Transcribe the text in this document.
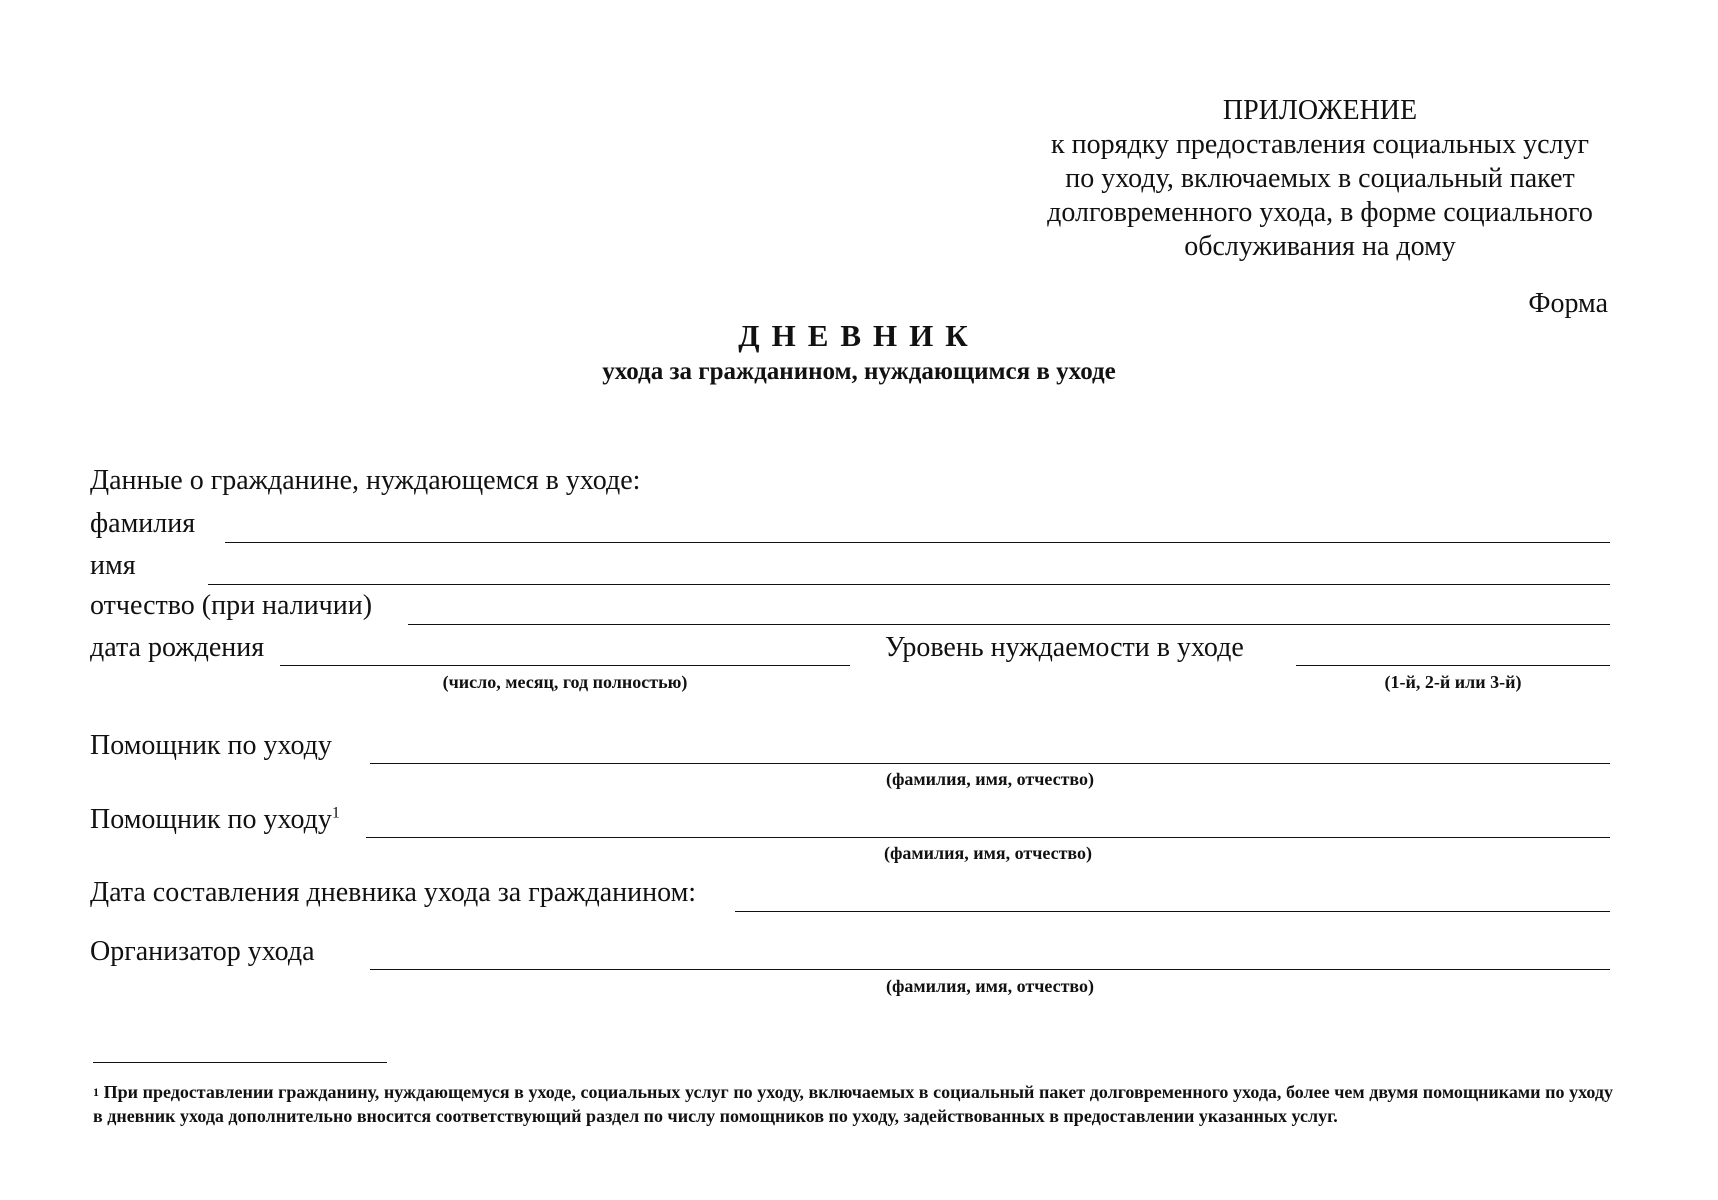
ПРИЛОЖЕНИЕ
к порядку предоставления социальных услуг
по уходу, включаемых в социальный пакет
долговременного ухода, в форме социального
обслуживания на дому
Форма
ДНЕВНИК
ухода за гражданином, нуждающимся в уходе
Данные о гражданине, нуждающемся в уходе:
фамилия
имя
отчество (при наличии)
дата рождения
(число, месяц, год полностью)
Уровень нуждаемости в уходе
(1-й, 2-й или 3-й)
Помощник по уходу
(фамилия, имя, отчество)
Помощник по уходу$^1$
(фамилия, имя, отчество)
Дата составления дневника ухода за гражданином:
Организатор ухода
(фамилия, имя, отчество)
$^1$ При предоставлении гражданину, нуждающемуся в уходе, социальных услуг по уходу, включаемых в социальный пакет долговременного ухода, более чем двумя помощниками по уходу в дневник ухода дополнительно вносится соответствующий раздел по числу помощников по уходу, задействованных в предоставлении указанных услуг.
